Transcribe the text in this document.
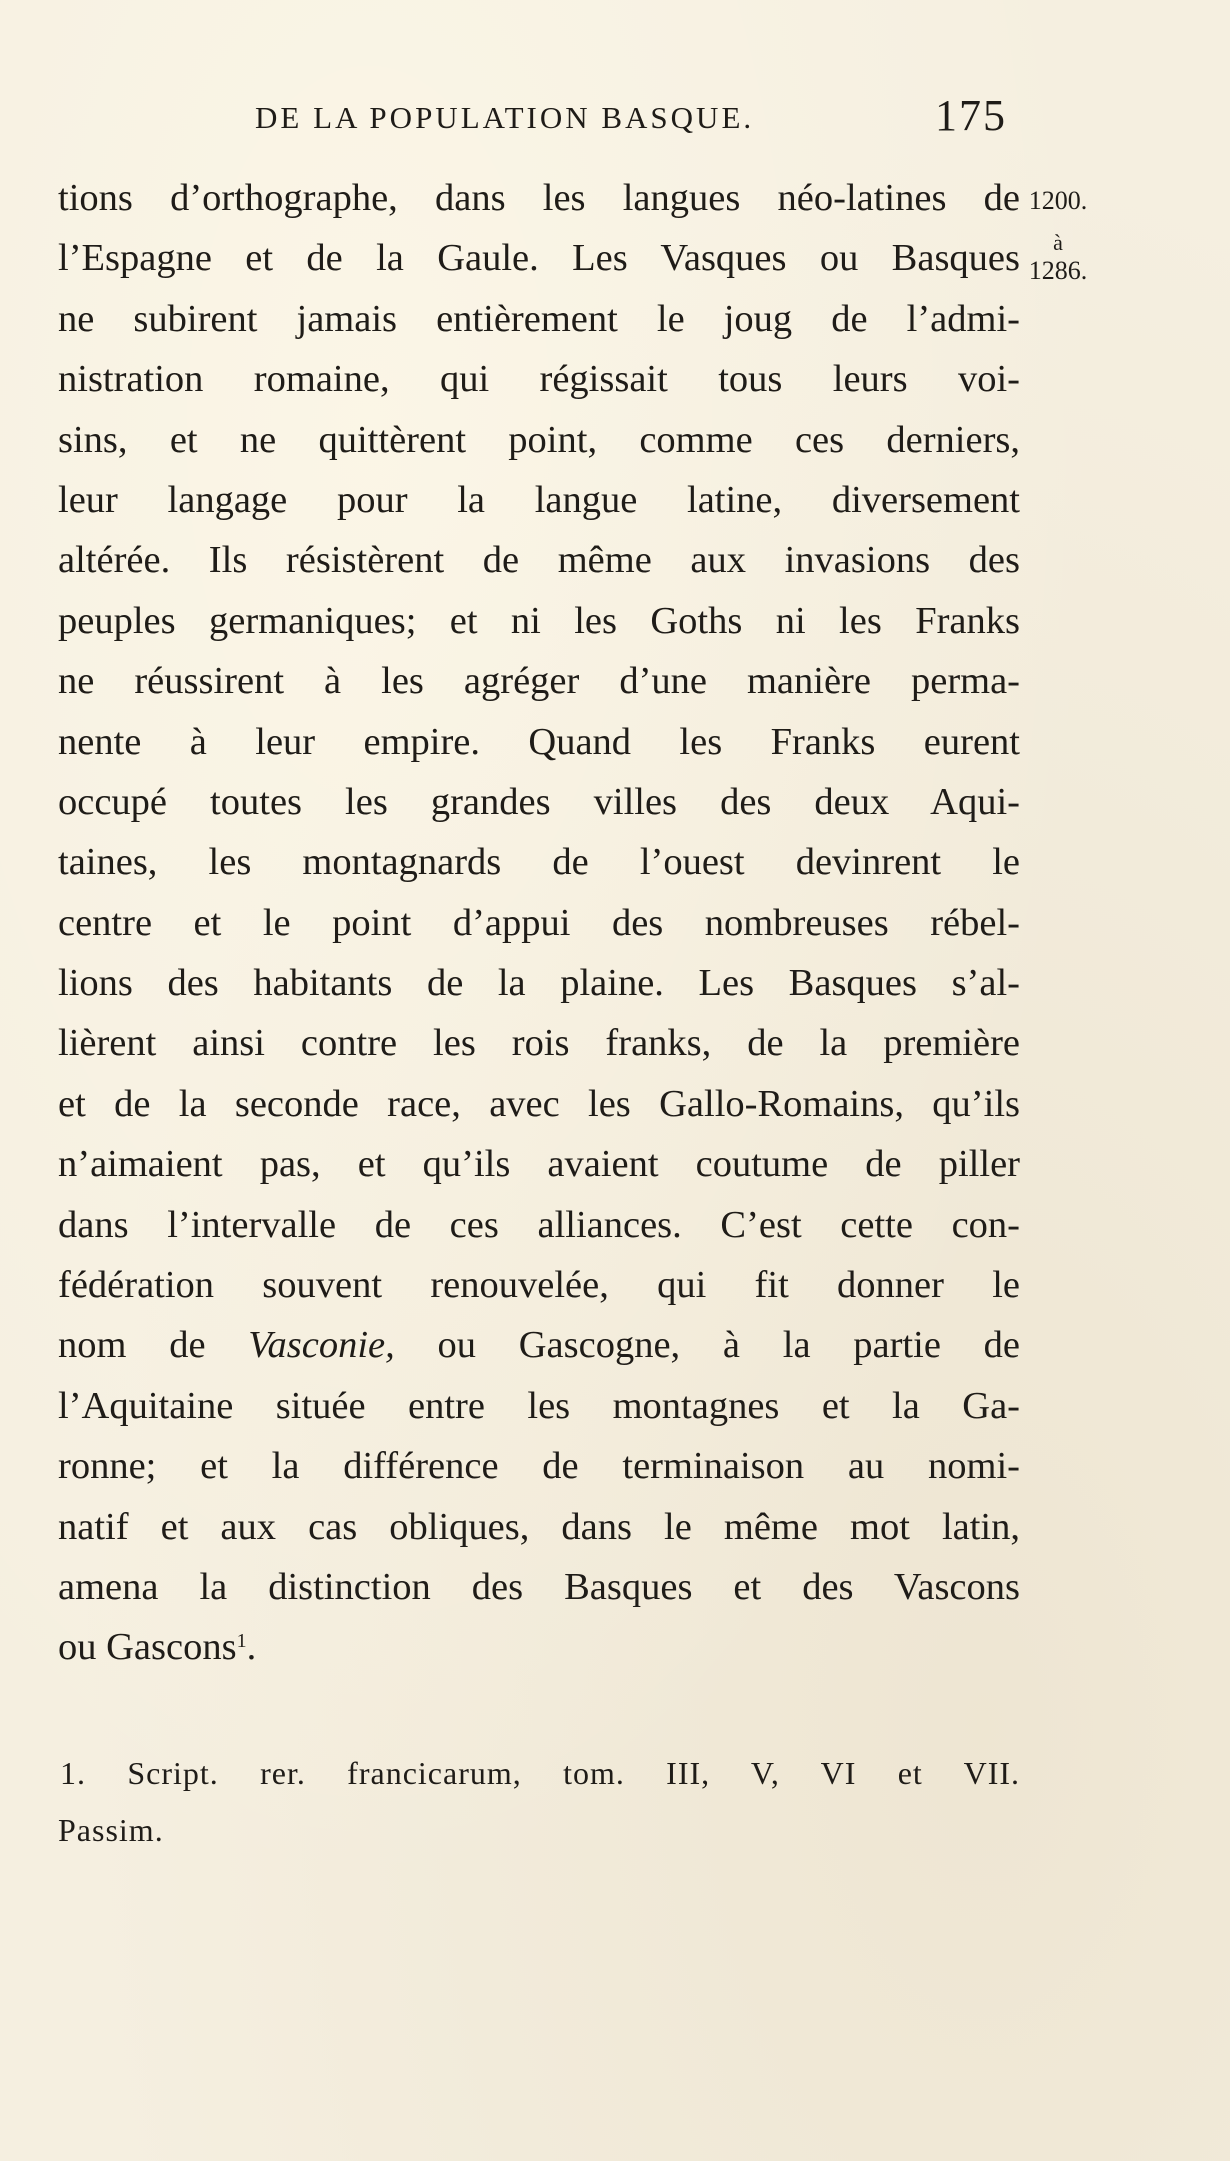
DE LA POPULATION BASQUE.	175
1200.
à
1286.
tions d’orthographe, dans les langues néo-latines de
l’Espagne et de la Gaule. Les Vasques ou Basques
ne subirent jamais entièrement le joug de l’admi-
nistration romaine, qui régissait tous leurs voi-
sins, et ne quittèrent point, comme ces derniers,
leur langage pour la langue latine, diversement
altérée. Ils résistèrent de même aux invasions des
peuples germaniques; et ni les Goths ni les Franks
ne réussirent à les agréger d’une manière perma-
nente à leur empire. Quand les Franks eurent
occupé toutes les grandes villes des deux Aqui-
taines, les montagnards de l’ouest devinrent le
centre et le point d’appui des nombreuses rébel-
lions des habitants de la plaine. Les Basques s’al-
lièrent ainsi contre les rois franks, de la première
et de la seconde race, avec les Gallo-Romains, qu’ils
n’aimaient pas, et qu’ils avaient coutume de piller
dans l’intervalle de ces alliances. C’est cette con-
fédération souvent renouvelée, qui fit donner le
nom de Vasconie, ou Gascogne, à la partie de
l’Aquitaine située entre les montagnes et la Ga-
ronne; et la différence de terminaison au nomi-
natif et aux cas obliques, dans le même mot latin,
amena la distinction des Basques et des Vascons
ou Gascons$^1$.
1. Script. rer. francicarum, tom. III, V, VI et VII.
Passim.
